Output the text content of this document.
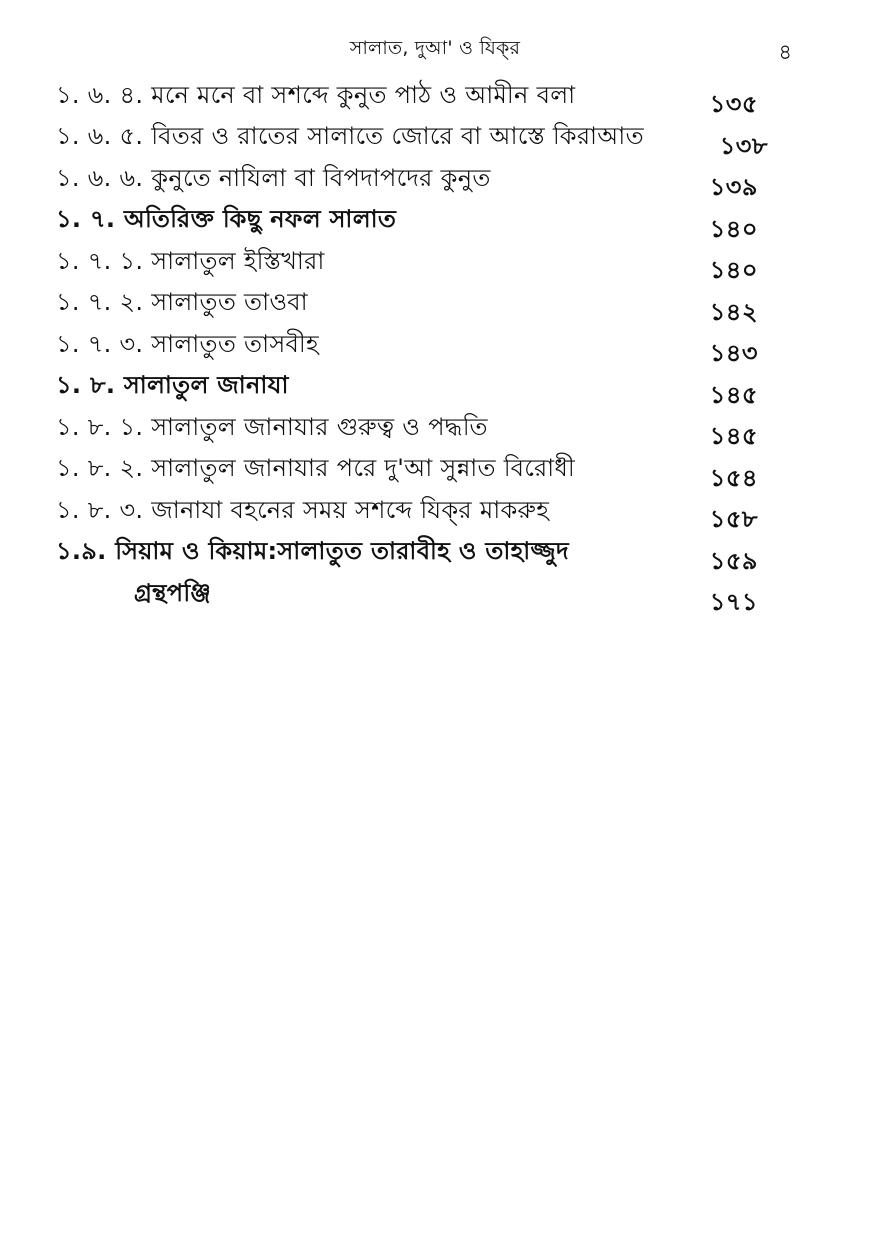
সালাত, দুআ' ও যিক্‌র	৪
১. ৬. ৪. মনে মনে বা সশব্দে কুনুত পাঠ ও আমীন বলা	১৩৫
১. ৬. ৫. বিতর ও রাতের সালাতে জোরে বা আস্তে কিরাআত	১৩৮
১. ৬. ৬. কুনুতে নাযিলা বা বিপদাপদের কুনুত	১৩৯
১. ৭. অতিরিক্ত কিছু নফল সালাত	১৪০
১. ৭. ১. সালাতুল ইস্তিখারা	১৪০
১. ৭. ২. সালাতুত তাওবা	১৪২
১. ৭. ৩. সালাতুত তাসবীহ	১৪৩
১. ৮. সালাতুল জানাযা	১৪৫
১. ৮. ১. সালাতুল জানাযার গুরুত্ব ও পদ্ধতি	১৪৫
১. ৮. ২. সালাতুল জানাযার পরে দু'আ সুন্নাত বিরোধী	১৫৪
১. ৮. ৩. জানাযা বহনের সময় সশব্দে যিক্‌র মাকরুহ	১৫৮
১.৯. সিয়াম ও কিয়াম:সালাতুত তারাবীহ ও তাহাজ্জুদ	১৫৯
গ্রন্থপঞ্জি	১৭১
